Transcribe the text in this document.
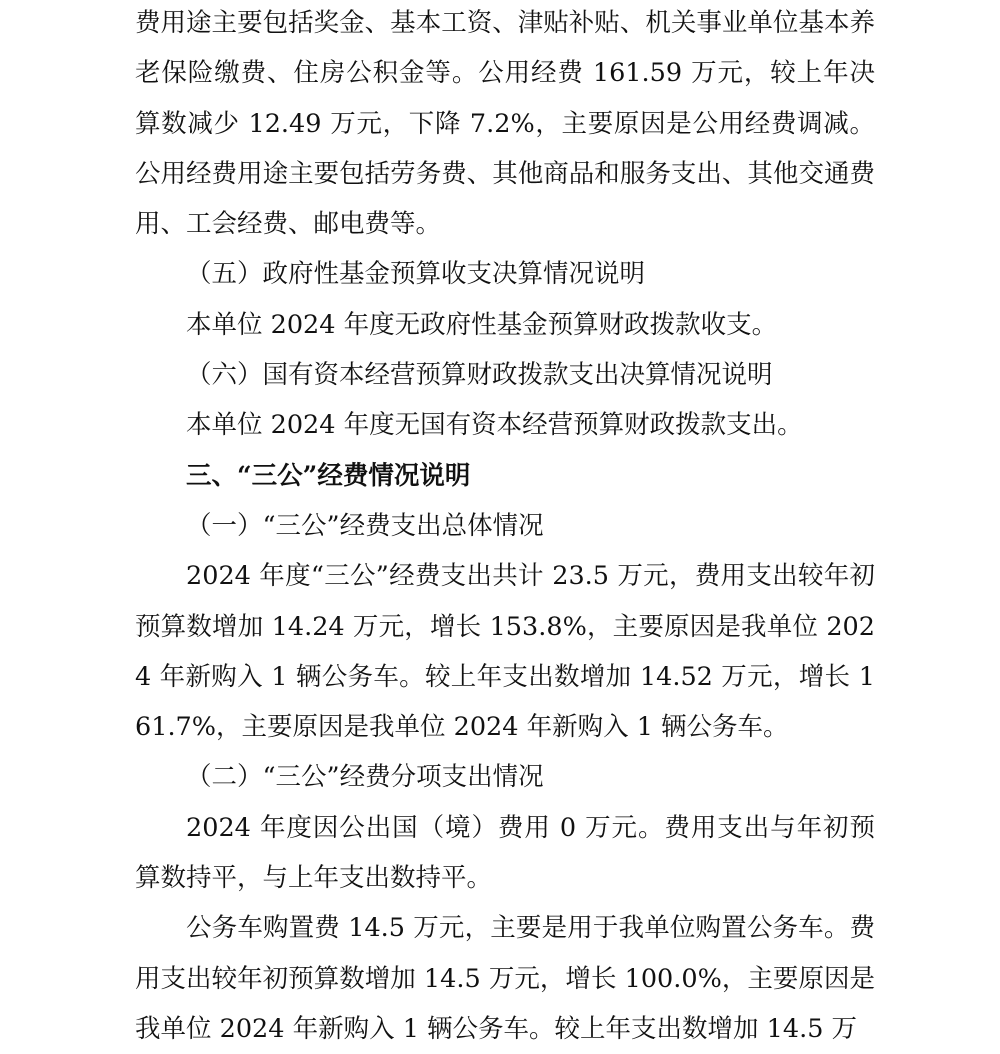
费用途主要包括奖金、基本工资、津贴补贴、机关事业单位基本养老保险缴费、住房公积金等。公用经费 161.59 万元，较上年决算数减少 12.49 万元，下降 7.2%，主要原因是公用经费调减。公用经费用途主要包括劳务费、其他商品和服务支出、其他交通费用、工会经费、邮电费等。

（五）政府性基金预算收支决算情况说明

本单位 2024 年度无政府性基金预算财政拨款收支。

（六）国有资本经营预算财政拨款支出决算情况说明

本单位 2024 年度无国有资本经营预算财政拨款支出。

三、“三公”经费情况说明

（一）“三公”经费支出总体情况

2024 年度“三公”经费支出共计 23.5 万元，费用支出较年初预算数增加 14.24 万元，增长 153.8%，主要原因是我单位 2024 年新购入 1 辆公务车。较上年支出数增加 14.52 万元，增长 161.7%，主要原因是我单位 2024 年新购入 1 辆公务车。

（二）“三公”经费分项支出情况

2024 年度因公出国（境）费用 0 万元。费用支出与年初预算数持平，与上年支出数持平。

公务车购置费 14.5 万元，主要是用于我单位购置公务车。费用支出较年初预算数增加 14.5 万元，增长 100.0%，主要原因是我单位 2024 年新购入 1 辆公务车。较上年支出数增加 14.5 万
